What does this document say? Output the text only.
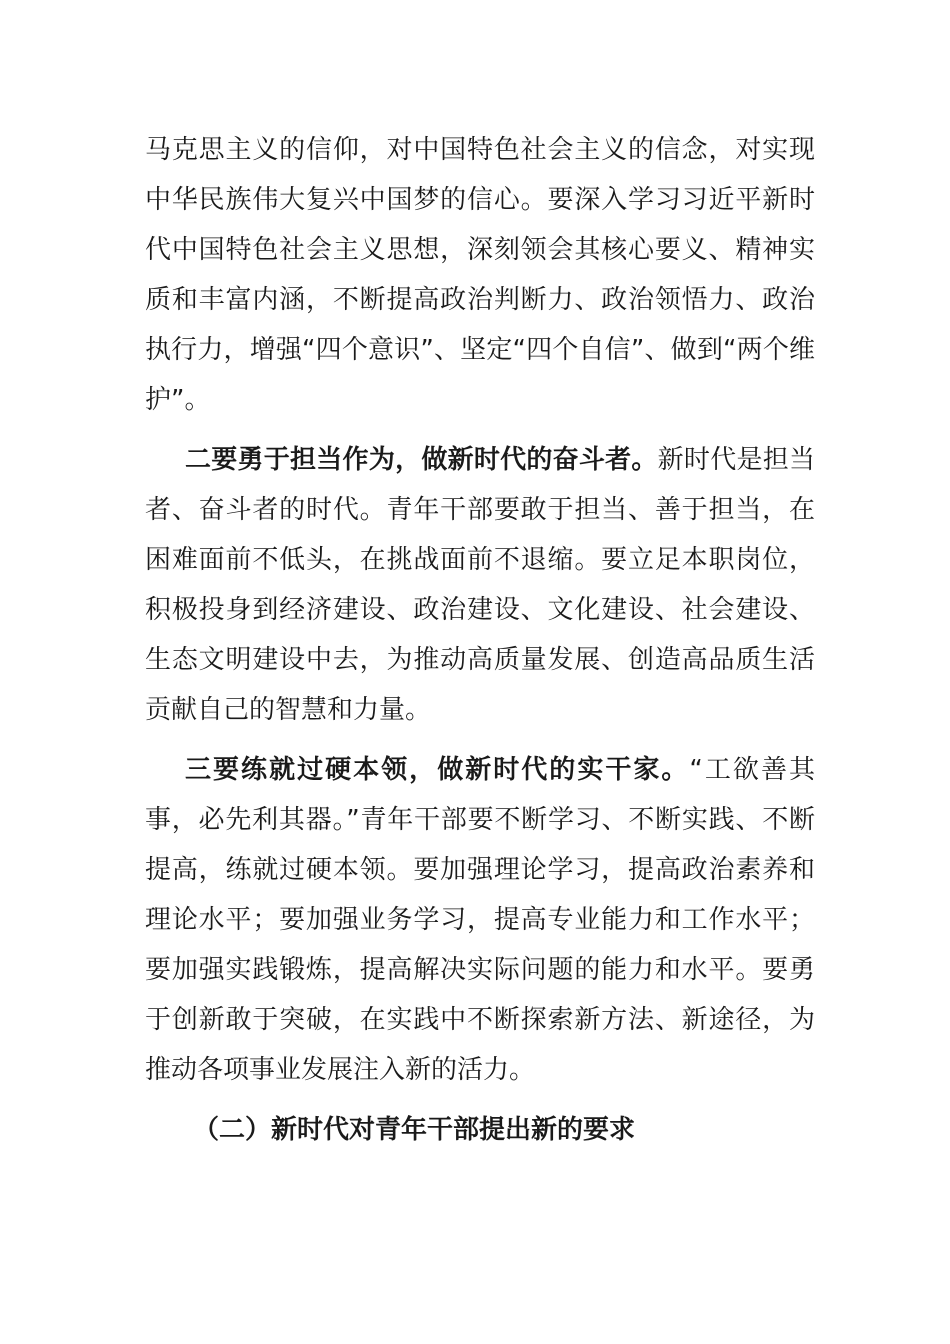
马克思主义的信仰，对中国特色社会主义的信念，对实现中华民族伟大复兴中国梦的信心。要深入学习习近平新时代中国特色社会主义思想，深刻领会其核心要义、精神实质和丰富内涵，不断提高政治判断力、政治领悟力、政治执行力，增强“四个意识”、坚定“四个自信”、做到“两个维护”。

二要勇于担当作为，做新时代的奋斗者。新时代是担当者、奋斗者的时代。青年干部要敢于担当、善于担当，在困难面前不低头，在挑战面前不退缩。要立足本职岗位，积极投身到经济建设、政治建设、文化建设、社会建设、生态文明建设中去，为推动高质量发展、创造高品质生活贡献自己的智慧和力量。

三要练就过硬本领，做新时代的实干家。“工欲善其事，必先利其器。”青年干部要不断学习、不断实践、不断提高，练就过硬本领。要加强理论学习，提高政治素养和理论水平；要加强业务学习，提高专业能力和工作水平；要加强实践锻炼，提高解决实际问题的能力和水平。要勇于创新敢于突破，在实践中不断探索新方法、新途径，为推动各项事业发展注入新的活力。

（二）新时代对青年干部提出新的要求
